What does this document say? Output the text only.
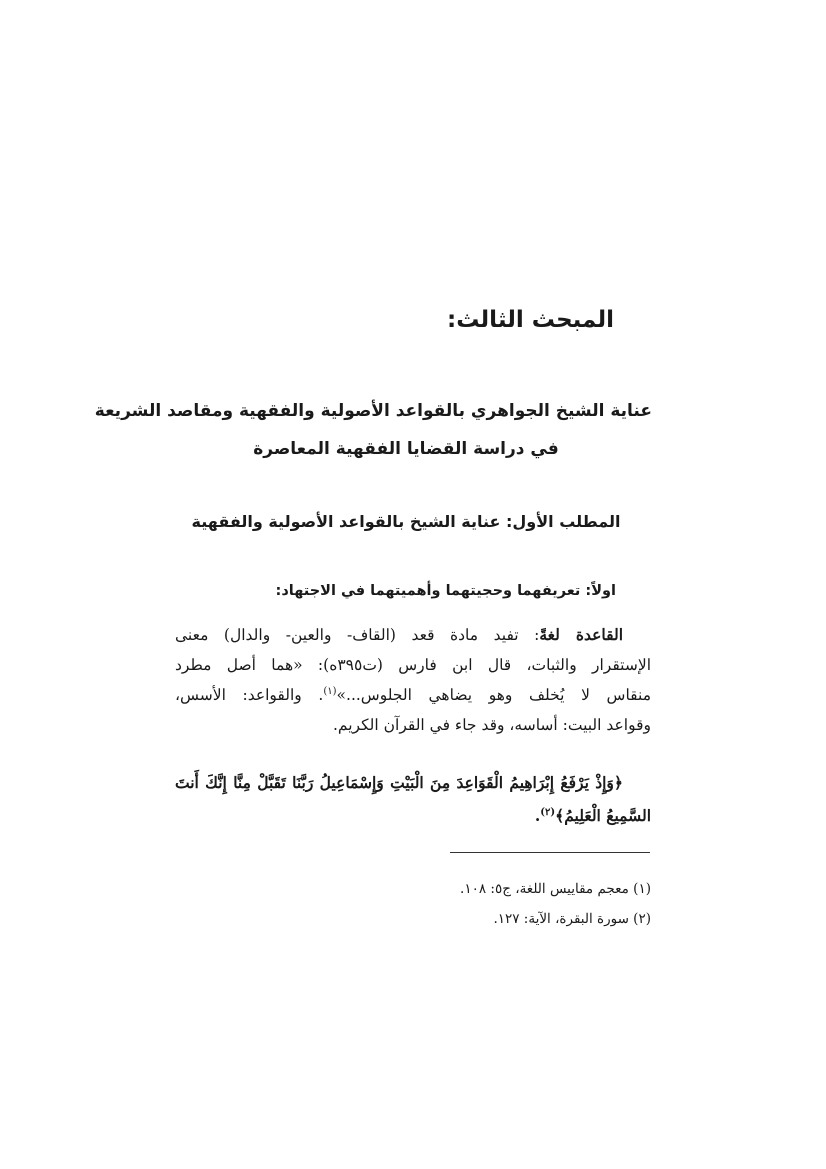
المبحث الثالث:
عناية الشيخ الجواهري بالقواعد الأصولية والفقهية ومقاصد الشريعة
في دراسة القضايا الفقهية المعاصرة
المطلب الأول: عناية الشيخ بالقواعد الأصولية والفقهية
اولاً: تعريفهما وحجيتهما وأهميتهما في الاجتهاد:
القاعدة لغةً: تفيد مادة قعد (القاف- والعين- والدال) معنى
الإستقرار والثبات، قال ابن فارس (ت٣٩٥ه): «هما أصل مطرد
منقاس لا يُخلف وهو يضاهي الجلوس...»$^{(١)}$. والقواعد: الأسس،
وقواعد البيت: أساسه، وقد جاء في القرآن الكريم.
﴿وَإِذْ يَرْفَعُ إِبْرَاهِيمُ الْقَوَاعِدَ مِنَ الْبَيْتِ وَإِسْمَاعِيلُ رَبَّنَا تَقَبَّلْ مِنَّا إِنَّكَ أَنتَ
السَّمِيعُ الْعَلِيمُ﴾$^{(٢)}$.
(١) معجم مقاييس اللغة، ج٥: ١٠٨.
(٢) سورة البقرة، الآية: ١٢٧.
